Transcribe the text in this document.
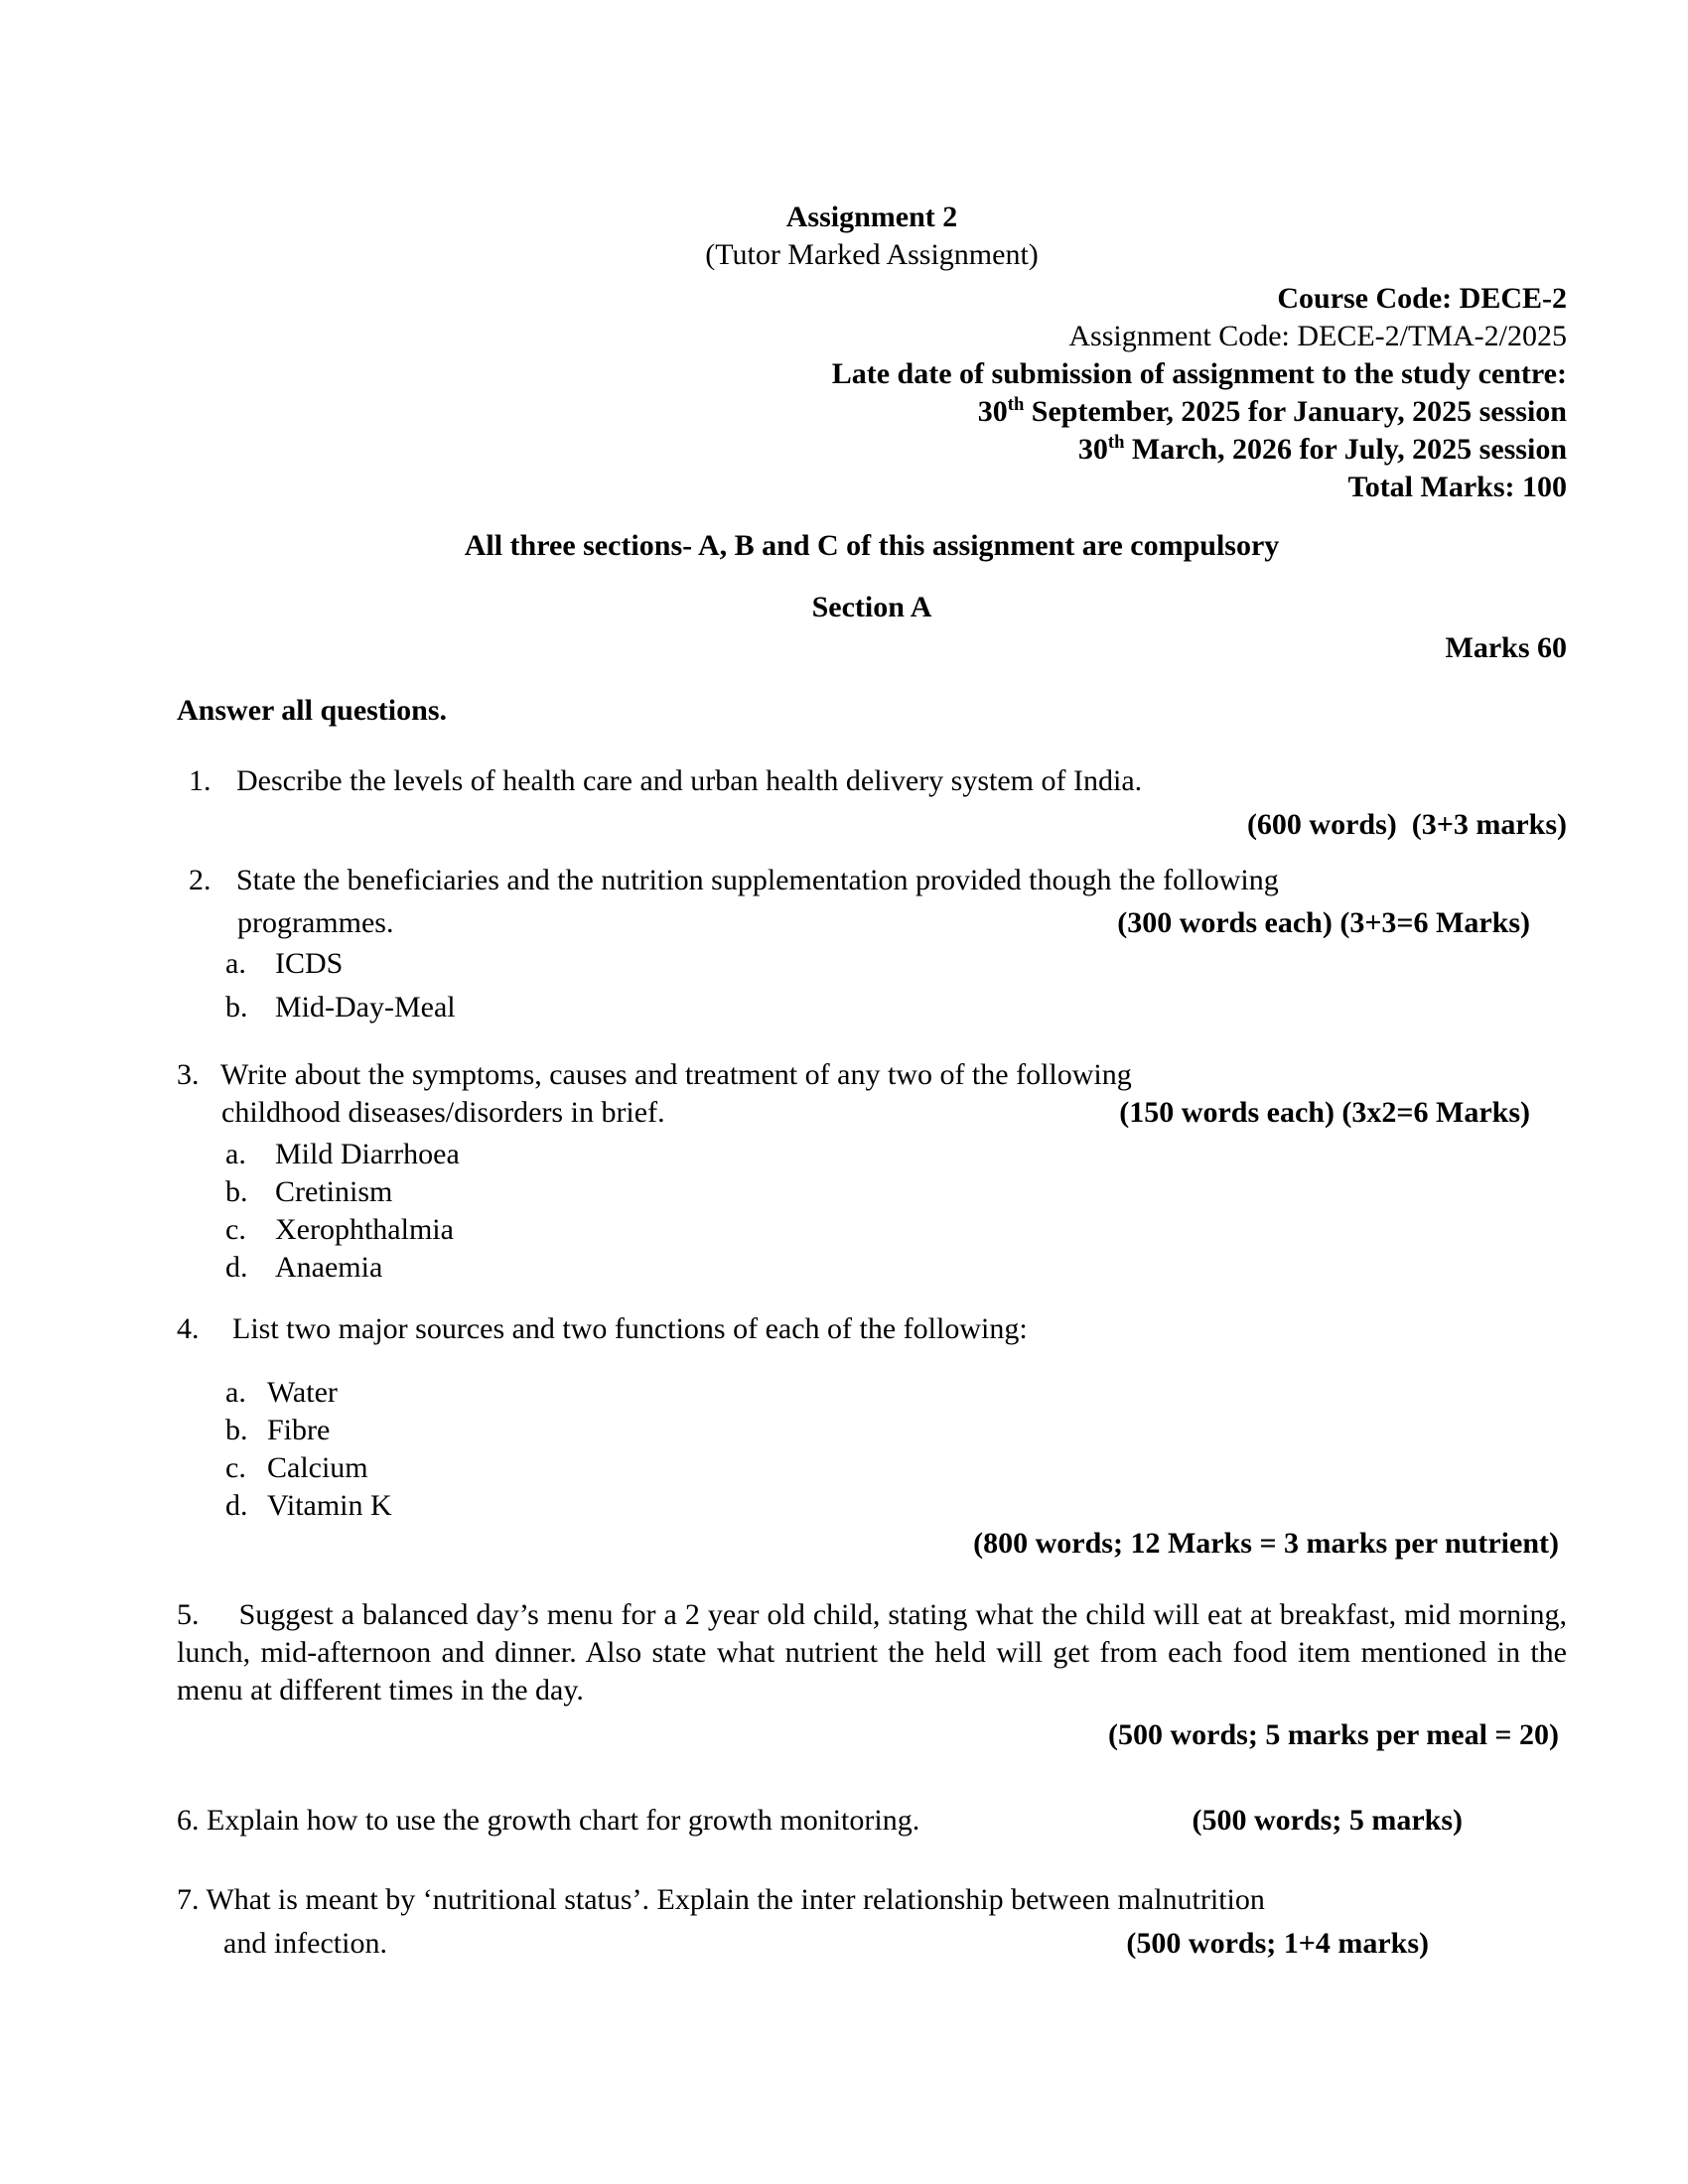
Assignment 2
(Tutor Marked Assignment)
Course Code: DECE-2
Assignment Code: DECE-2/TMA-2/2025
Late date of submission of assignment to the study centre:
30th September, 2025 for January, 2025 session
30th March, 2026 for July, 2025 session
Total Marks: 100
All three sections- A, B and C of this assignment are compulsory
Section A
Marks 60
Answer all questions.
1. Describe the levels of health care and urban health delivery system of India.
(600 words)  (3+3 marks)
2. State the beneficiaries and the nutrition supplementation provided though the following
programmes.	(300 words each) (3+3=6 Marks)
a. ICDS
b. Mid-Day-Meal
3. Write about the symptoms, causes and treatment of any two of the following
childhood diseases/disorders in brief.	(150 words each) (3x2=6 Marks)
a. Mild Diarrhoea
b. Cretinism
c. Xerophthalmia
d. Anaemia
4.	List two major sources and two functions of each of the following:
a. Water
b. Fibre
c. Calcium
d. Vitamin K
(800 words; 12 Marks = 3 marks per nutrient)
5.     Suggest a balanced day’s menu for a 2 year old child, stating what the child will eat at breakfast, mid morning, lunch, mid-afternoon and dinner. Also state what nutrient the held will get from each food item mentioned in the menu at different times in the day.
(500 words; 5 marks per meal = 20)
6. Explain how to use the growth chart for growth monitoring.	(500 words; 5 marks)
7. What is meant by ‘nutritional status’. Explain the inter relationship between malnutrition
and infection.	(500 words; 1+4 marks)
